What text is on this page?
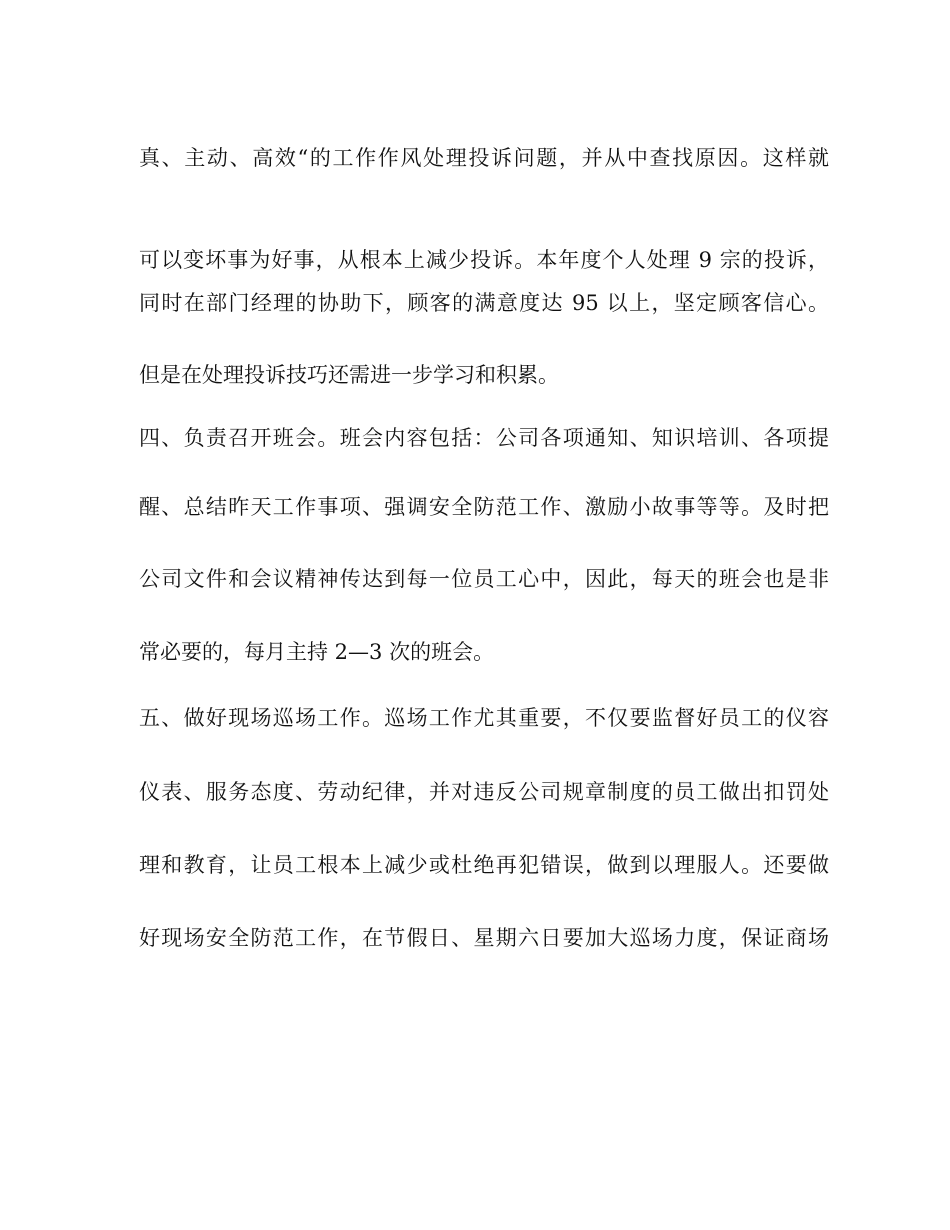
真、主动、高效“的工作作风处理投诉问题，并从中查找原因。这样就
可以变坏事为好事，从根本上减少投诉。本年度个人处理 9 宗的投诉，
同时在部门经理的协助下，顾客的满意度达 95 以上，坚定顾客信心。
但是在处理投诉技巧还需进一步学习和积累。
四、负责召开班会。班会内容包括：公司各项通知、知识培训、各项提
醒、总结昨天工作事项、强调安全防范工作、激励小故事等等。及时把
公司文件和会议精神传达到每一位员工心中，因此，每天的班会也是非
常必要的，每月主持 2—3 次的班会。
五、做好现场巡场工作。巡场工作尤其重要，不仅要监督好员工的仪容
仪表、服务态度、劳动纪律，并对违反公司规章制度的员工做出扣罚处
理和教育，让员工根本上减少或杜绝再犯错误，做到以理服人。还要做
好现场安全防范工作，在节假日、星期六日要加大巡场力度，保证商场
